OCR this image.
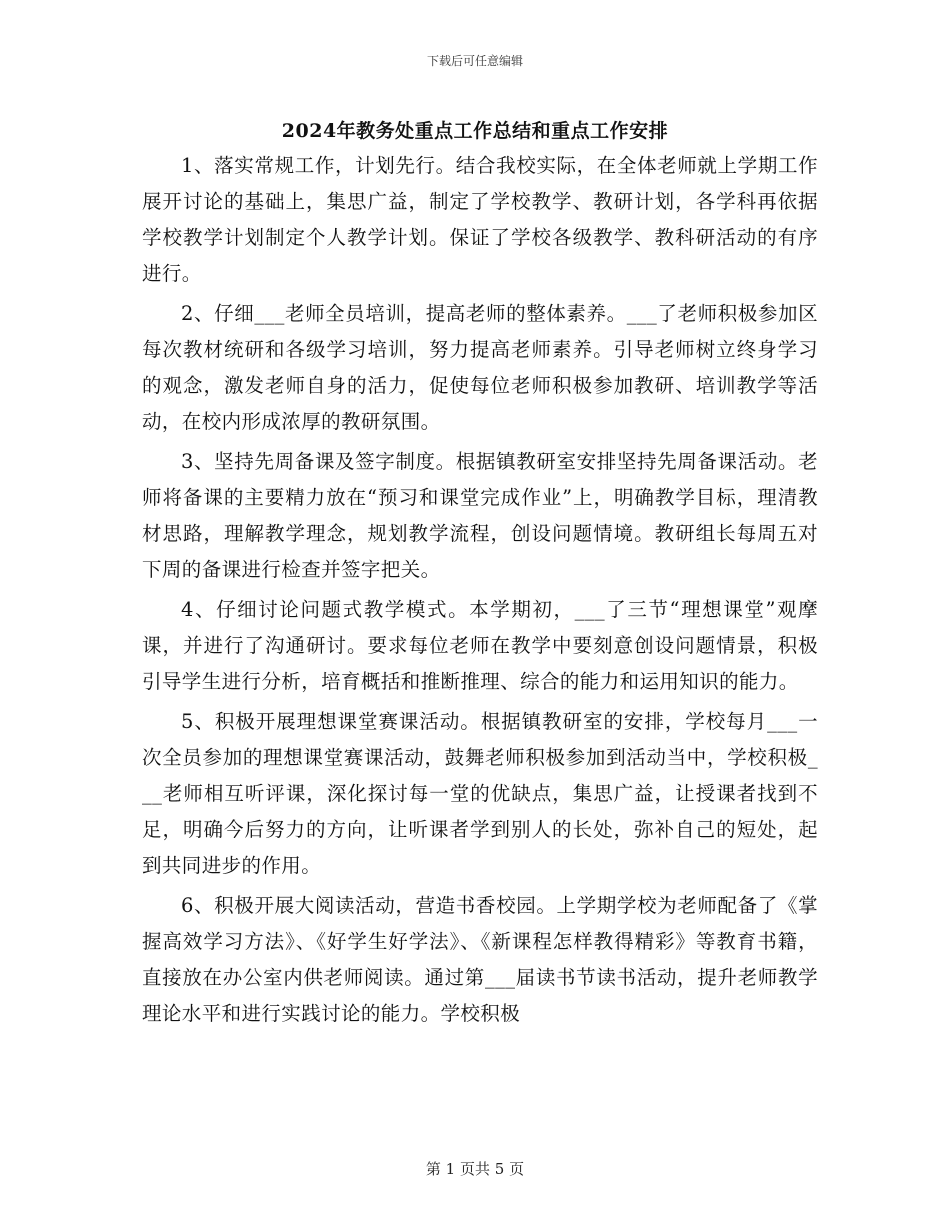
下载后可任意编辑
2024年教务处重点工作总结和重点工作安排

1、落实常规工作，计划先行。结合我校实际，在全体老师就上学期工作展开讨论的基础上，集思广益，制定了学校教学、教研计划，各学科再依据学校教学计划制定个人教学计划。保证了学校各级教学、教科研活动的有序进行。

2、仔细___老师全员培训，提高老师的整体素养。___了老师积极参加区每次教材统研和各级学习培训，努力提高老师素养。引导老师树立终身学习的观念，激发老师自身的活力，促使每位老师积极参加教研、培训教学等活动，在校内形成浓厚的教研氛围。

3、坚持先周备课及签字制度。根据镇教研室安排坚持先周备课活动。老师将备课的主要精力放在“预习和课堂完成作业”上，明确教学目标，理清教材思路，理解教学理念，规划教学流程，创设问题情境。教研组长每周五对下周的备课进行检查并签字把关。

4、仔细讨论问题式教学模式。本学期初，___了三节“理想课堂”观摩课，并进行了沟通研讨。要求每位老师在教学中要刻意创设问题情景，积极引导学生进行分析，培育概括和推断推理、综合的能力和运用知识的能力。

5、积极开展理想课堂赛课活动。根据镇教研室的安排，学校每月___一次全员参加的理想课堂赛课活动，鼓舞老师积极参加到活动当中，学校积极___老师相互听评课，深化探讨每一堂的优缺点，集思广益，让授课者找到不足，明确今后努力的方向，让听课者学到别人的长处，弥补自己的短处，起到共同进步的作用。

6、积极开展大阅读活动，营造书香校园。上学期学校为老师配备了《掌握高效学习方法》、《好学生好学法》、《新课程怎样教得精彩》等教育书籍，直接放在办公室内供老师阅读。通过第___届读书节读书活动，提升老师教学理论水平和进行实践讨论的能力。学校积极

第 1 页共 5 页
